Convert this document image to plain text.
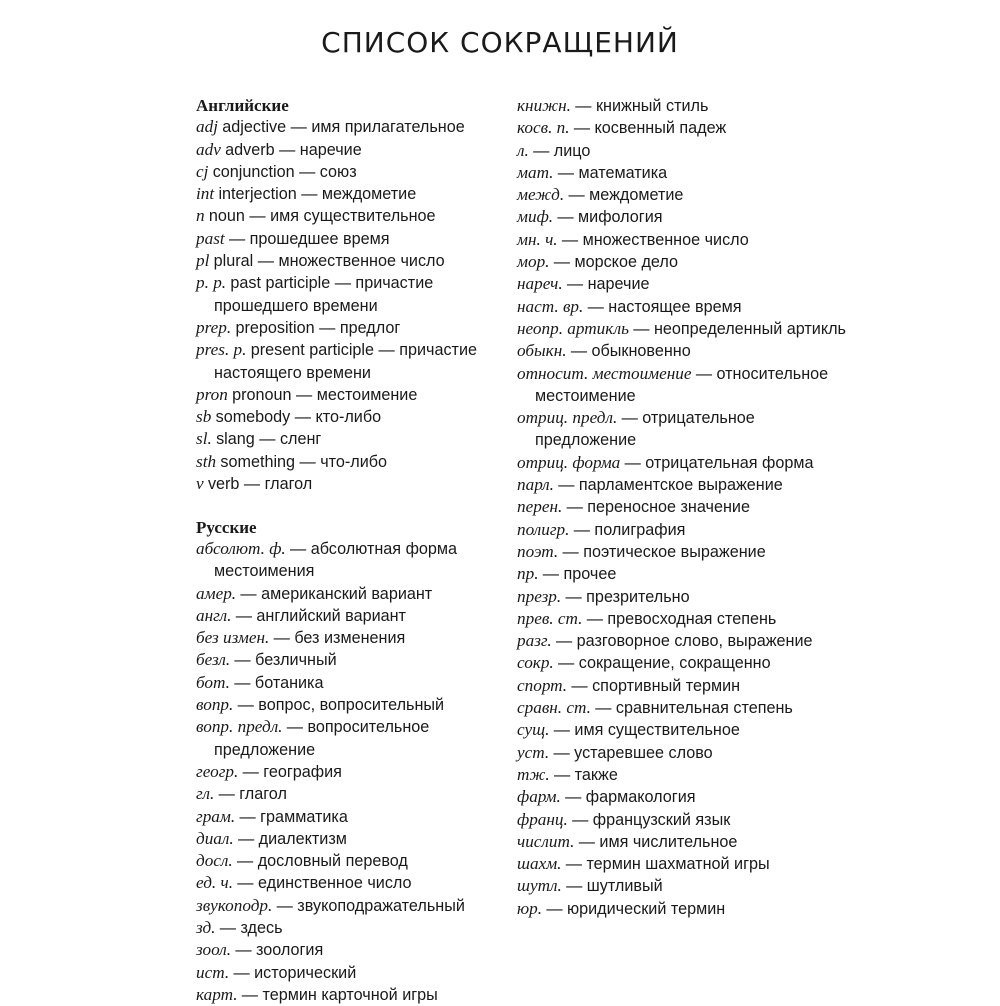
СПИСОК СОКРАЩЕНИЙ
Английские
adj adjective — имя прилагательное
adv adverb — наречие
cj conjunction — союз
int interjection — междометие
n noun — имя существительное
past — прошедшее время
pl plural — множественное число
p. p. past participle — причастие прошедшего времени
prep. preposition — предлог
pres. p. present participle — причастие настоящего времени
pron pronoun — местоимение
sb somebody — кто-либо
sl. slang — сленг
sth something — что-либо
v verb — глагол
Русские
абсолют. ф. — абсолютная форма местоимения
амер. — американский вариант
англ. — английский вариант
без измен. — без изменения
безл. — безличный
бот. — ботаника
вопр. — вопрос, вопросительный
вопр. предл. — вопросительное предложение
геогр. — география
гл. — глагол
грам. — грамматика
диал. — диалектизм
досл. — дословный перевод
ед. ч. — единственное число
звукоподр. — звукоподражательный
зд. — здесь
зоол. — зоология
ист. — исторический
карт. — термин карточной игры
книжн. — книжный стиль
косв. п. — косвенный падеж
л. — лицо
мат. — математика
межд. — междометие
миф. — мифология
мн. ч. — множественное число
мор. — морское дело
нареч. — наречие
наст. вр. — настоящее время
неопр. артикль — неопределенный артикль
обыкн. — обыкновенно
относит. местоимение — относительное местоимение
отриц. предл. — отрицательное предложение
отриц. форма — отрицательная форма
парл. — парламентское выражение
перен. — переносное значение
полигр. — полиграфия
поэт. — поэтическое выражение
пр. — прочее
презр. — презрительно
прев. ст. — превосходная степень
разг. — разговорное слово, выражение
сокр. — сокращение, сокращенно
спорт. — спортивный термин
сравн. ст. — сравнительная степень
сущ. — имя существительное
уст. — устаревшее слово
тж. — также
фарм. — фармакология
франц. — французский язык
числит. — имя числительное
шахм. — термин шахматной игры
шутл. — шутливый
юр. — юридический термин
